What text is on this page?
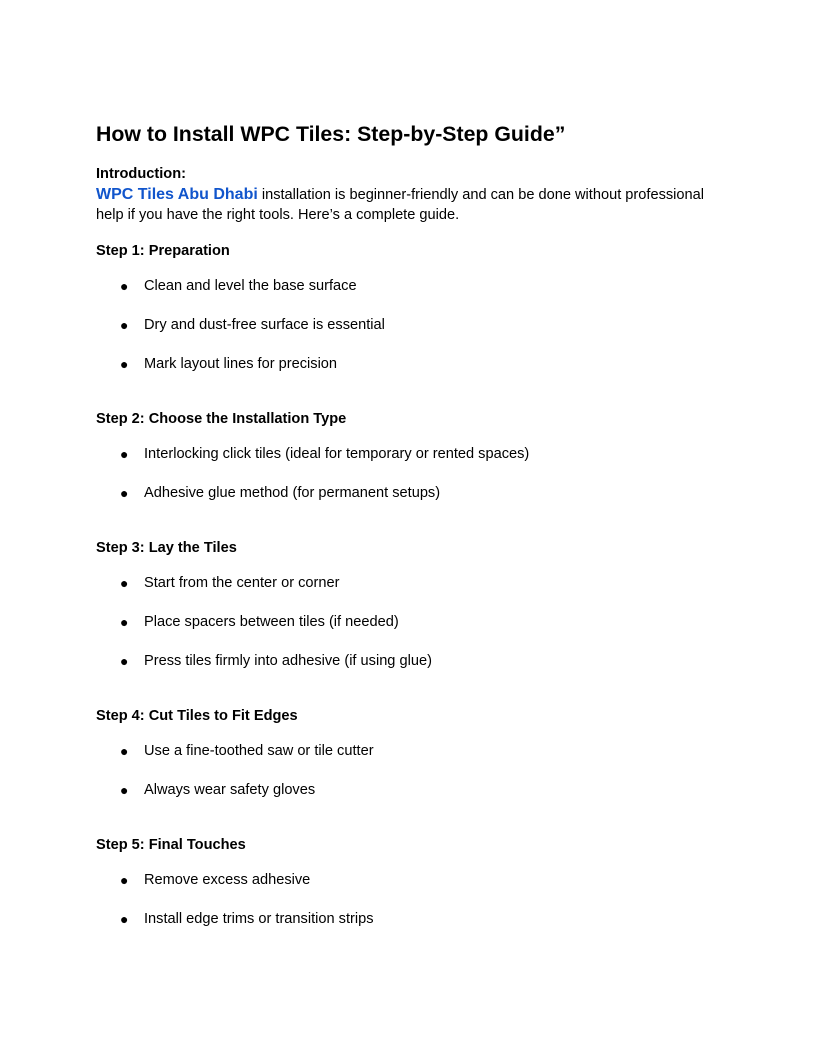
How to Install WPC Tiles: Step-by-Step Guide”
Introduction:
WPC Tiles Abu Dhabi installation is beginner-friendly and can be done without professional help if you have the right tools. Here’s a complete guide.
Step 1: Preparation
● Clean and level the base surface
● Dry and dust-free surface is essential
● Mark layout lines for precision
Step 2: Choose the Installation Type
● Interlocking click tiles (ideal for temporary or rented spaces)
● Adhesive glue method (for permanent setups)
Step 3: Lay the Tiles
● Start from the center or corner
● Place spacers between tiles (if needed)
● Press tiles firmly into adhesive (if using glue)
Step 4: Cut Tiles to Fit Edges
● Use a fine-toothed saw or tile cutter
● Always wear safety gloves
Step 5: Final Touches
● Remove excess adhesive
● Install edge trims or transition strips
